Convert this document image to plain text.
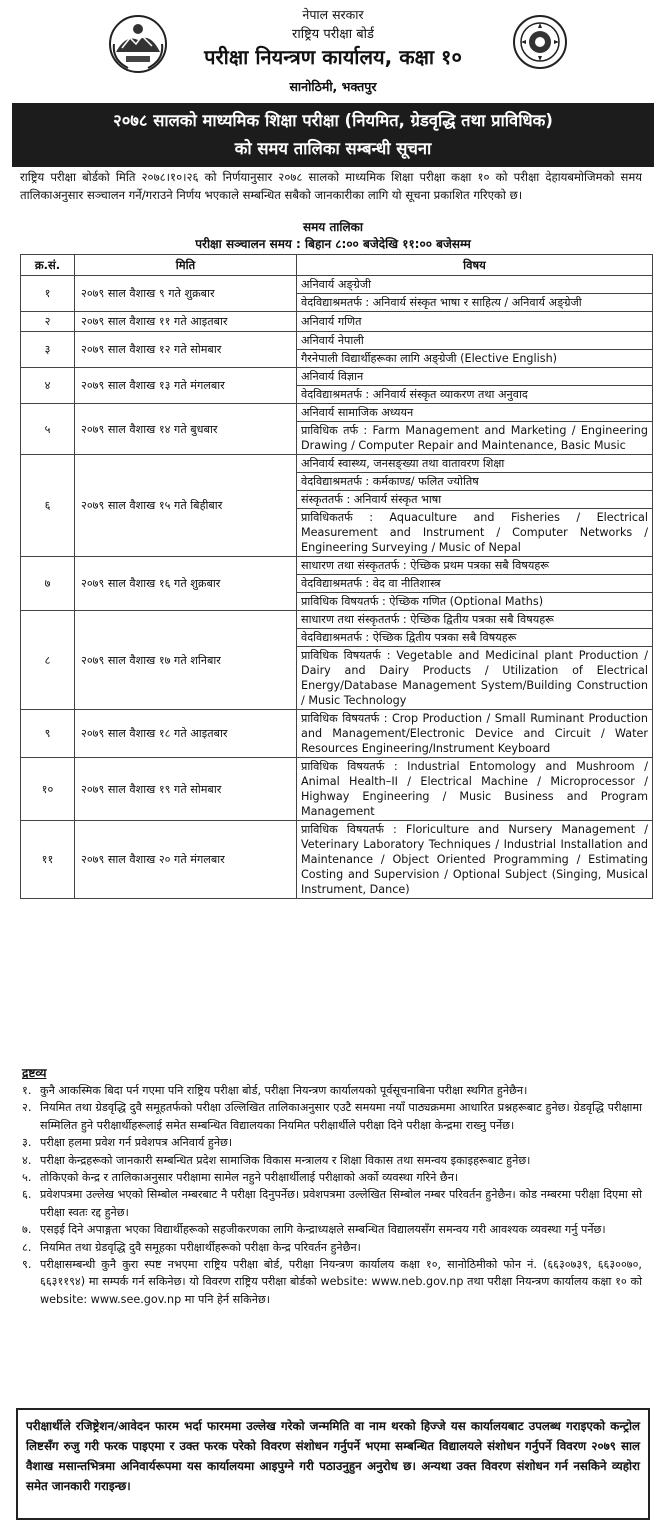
नेपाल सरकार
राष्ट्रिय परीक्षा बोर्ड
परीक्षा नियन्त्रण कार्यालय, कक्षा १०
सानोठिमी, भक्तपुर
२०७८ सालको माध्यमिक शिक्षा परीक्षा (नियमित, ग्रेडवृद्धि तथा प्राविधिक)
को समय तालिका सम्बन्धी सूचना
राष्ट्रिय परीक्षा बोर्डको मिति २०७८।१०।२६ को निर्णयानुसार २०७८ सालको माध्यमिक शिक्षा परीक्षा कक्षा १० को परीक्षा देहायबमोजिमको समय तालिकाअनुसार सञ्चालन गर्ने/गराउने निर्णय भएकाले सम्बन्धित सबैको जानकारीका लागि यो सूचना प्रकाशित गरिएको छ।
समय तालिका
परीक्षा सञ्चालन समय : बिहान ८:०० बजेदेखि ११:०० बजेसम्म
क्र.सं.	मिति	विषय
१	२०७९ साल वैशाख ९ गते शुक्रबार	अनिवार्य अङ्ग्रेजी
		वेदविद्याश्रमतर्फ : अनिवार्य संस्कृत भाषा र साहित्य / अनिवार्य अङ्ग्रेजी
२	२०७९ साल वैशाख ११ गते आइतबार	अनिवार्य गणित
३	२०७९ साल वैशाख १२ गते सोमबार	अनिवार्य नेपाली
		गैरनेपाली विद्यार्थीहरूका लागि अङ्ग्रेजी (Elective English)
४	२०७९ साल वैशाख १३ गते मंगलबार	अनिवार्य विज्ञान
		वेदविद्याश्रमतर्फ : अनिवार्य संस्कृत व्याकरण तथा अनुवाद
५	२०७९ साल वैशाख १४ गते बुधबार	अनिवार्य सामाजिक अध्ययन
		प्राविधिक तर्फ : Farm Management and Marketing / Engineering Drawing / Computer Repair and Maintenance, Basic Music
६	२०७९ साल वैशाख १५ गते बिहीबार	अनिवार्य स्वास्थ्य, जनसङ्ख्या तथा वातावरण शिक्षा
		वेदविद्याश्रमतर्फ : कर्मकाण्ड/ फलित ज्योतिष
		संस्कृततर्फ : अनिवार्य संस्कृत भाषा
		प्राविधिकतर्फ : Aquaculture and Fisheries / Electrical Measurement and Instrument / Computer Networks / Engineering Surveying / Music of Nepal
७	२०७९ साल वैशाख १६ गते शुक्रबार	साधारण तथा संस्कृततर्फ : ऐच्छिक प्रथम पत्रका सबै विषयहरू
		वेदविद्याश्रमतर्फ : वेद वा नीतिशास्त्र
		प्राविधिक विषयतर्फ : ऐच्छिक गणित (Optional Maths)
८	२०७९ साल वैशाख १७ गते शनिबार	साधारण तथा संस्कृततर्फ : ऐच्छिक द्वितीय पत्रका सबै विषयहरू
		वेदविद्याश्रमतर्फ : ऐच्छिक द्वितीय पत्रका सबै विषयहरू
		प्राविधिक विषयतर्फ : Vegetable and Medicinal plant Production / Dairy and Dairy Products / Utilization of Electrical Energy/Database Management System/Building Construction / Music Technology
९	२०७९ साल वैशाख १८ गते आइतबार	प्राविधिक विषयतर्फ : Crop Production / Small Ruminant Production and Management/Electronic Device and Circuit / Water Resources Engineering/Instrument Keyboard
१०	२०७९ साल वैशाख १९ गते सोमबार	प्राविधिक विषयतर्फ : Industrial Entomology and Mushroom / Animal Health–II / Electrical Machine / Microprocessor / Highway Engineering / Music Business and Program Management
११	२०७९ साल वैशाख २० गते मंगलबार	प्राविधिक विषयतर्फ : Floriculture and Nursery Management / Veterinary Laboratory Techniques / Industrial Installation and Maintenance / Object Oriented Programming / Estimating Costing and Supervision / Optional Subject (Singing, Musical Instrument, Dance)
द्रष्टव्य
१. कुनै आकस्मिक बिदा पर्न गएमा पनि राष्ट्रिय परीक्षा बोर्ड, परीक्षा नियन्त्रण कार्यालयको पूर्वसूचनाबिना परीक्षा स्थगित हुनेछैन।
२. नियमित तथा ग्रेडवृद्धि दुवै समूहतर्फको परीक्षा उल्लिखित तालिकाअनुसार एउटै समयमा नयाँ पाठ्यक्रममा आधारित प्रश्नहरूबाट हुनेछ। ग्रेडवृद्धि परीक्षामा सम्मिलित हुने परीक्षार्थीहरूलाई समेत सम्बन्धित विद्यालयका नियमित परीक्षार्थीले परीक्षा दिने परीक्षा केन्द्रमा राख्नु पर्नेछ।
३. परीक्षा हलमा प्रवेश गर्न प्रवेशपत्र अनिवार्य हुनेछ।
४. परीक्षा केन्द्रहरूको जानकारी सम्बन्धित प्रदेश सामाजिक विकास मन्त्रालय र शिक्षा विकास तथा समन्वय इकाइहरूबाट हुनेछ।
५. तोकिएको केन्द्र र तालिकाअनुसार परीक्षामा सामेल नहुने परीक्षार्थीलाई परीक्षाको अर्को व्यवस्था गरिने छैन।
६. प्रवेशपत्रमा उल्लेख भएको सिम्बोल नम्बरबाट नै परीक्षा दिनुपर्नेछ। प्रवेशपत्रमा उल्लेखित सिम्बोल नम्बर परिवर्तन हुनेछैन। कोड नम्बरमा परीक्षा दिएमा सो परीक्षा स्वतः रद्द हुनेछ।
७. एसइई दिने अपाङ्गता भएका विद्यार्थीहरूको सहजीकरणका लागि केन्द्राध्यक्षले सम्बन्धित विद्यालयसँग समन्वय गरी आवश्यक व्यवस्था गर्नु पर्नेछ।
८. नियमित तथा ग्रेडवृद्धि दुवै समूहका परीक्षार्थीहरूको परीक्षा केन्द्र परिवर्तन हुनेछैन।
९. परीक्षासम्बन्धी कुनै कुरा स्पष्ट नभएमा राष्ट्रिय परीक्षा बोर्ड, परीक्षा नियन्त्रण कार्यालय कक्षा १०, सानोठिमीको फोन नं. (६६३०७३९, ६६३००७०, ६६३११९४) मा सम्पर्क गर्न सकिनेछ। यो विवरण राष्ट्रिय परीक्षा बोर्डको website: www.neb.gov.np तथा परीक्षा नियन्त्रण कार्यालय कक्षा १० को website: www.see.gov.np मा पनि हेर्न सकिनेछ।
परीक्षार्थीले रजिष्ट्रेशन/आवेदन फारम भर्दा फारममा उल्लेख गरेको जन्ममिति वा नाम थरको हिज्जे यस कार्यालयबाट उपलब्ध गराइएको कन्ट्रोल लिष्टसँग रुजु गरी फरक पाइएमा र उक्त फरक परेको विवरण संशोधन गर्नुपर्ने भएमा सम्बन्धित विद्यालयले संशोधन गर्नुपर्ने विवरण २०७९ साल वैशाख मसान्तभित्रमा अनिवार्यरूपमा यस कार्यालयमा आइपुग्ने गरी पठाउनुहुन अनुरोध छ। अन्यथा उक्त विवरण संशोधन गर्न नसकिने व्यहोरा समेत जानकारी गराइन्छ।
